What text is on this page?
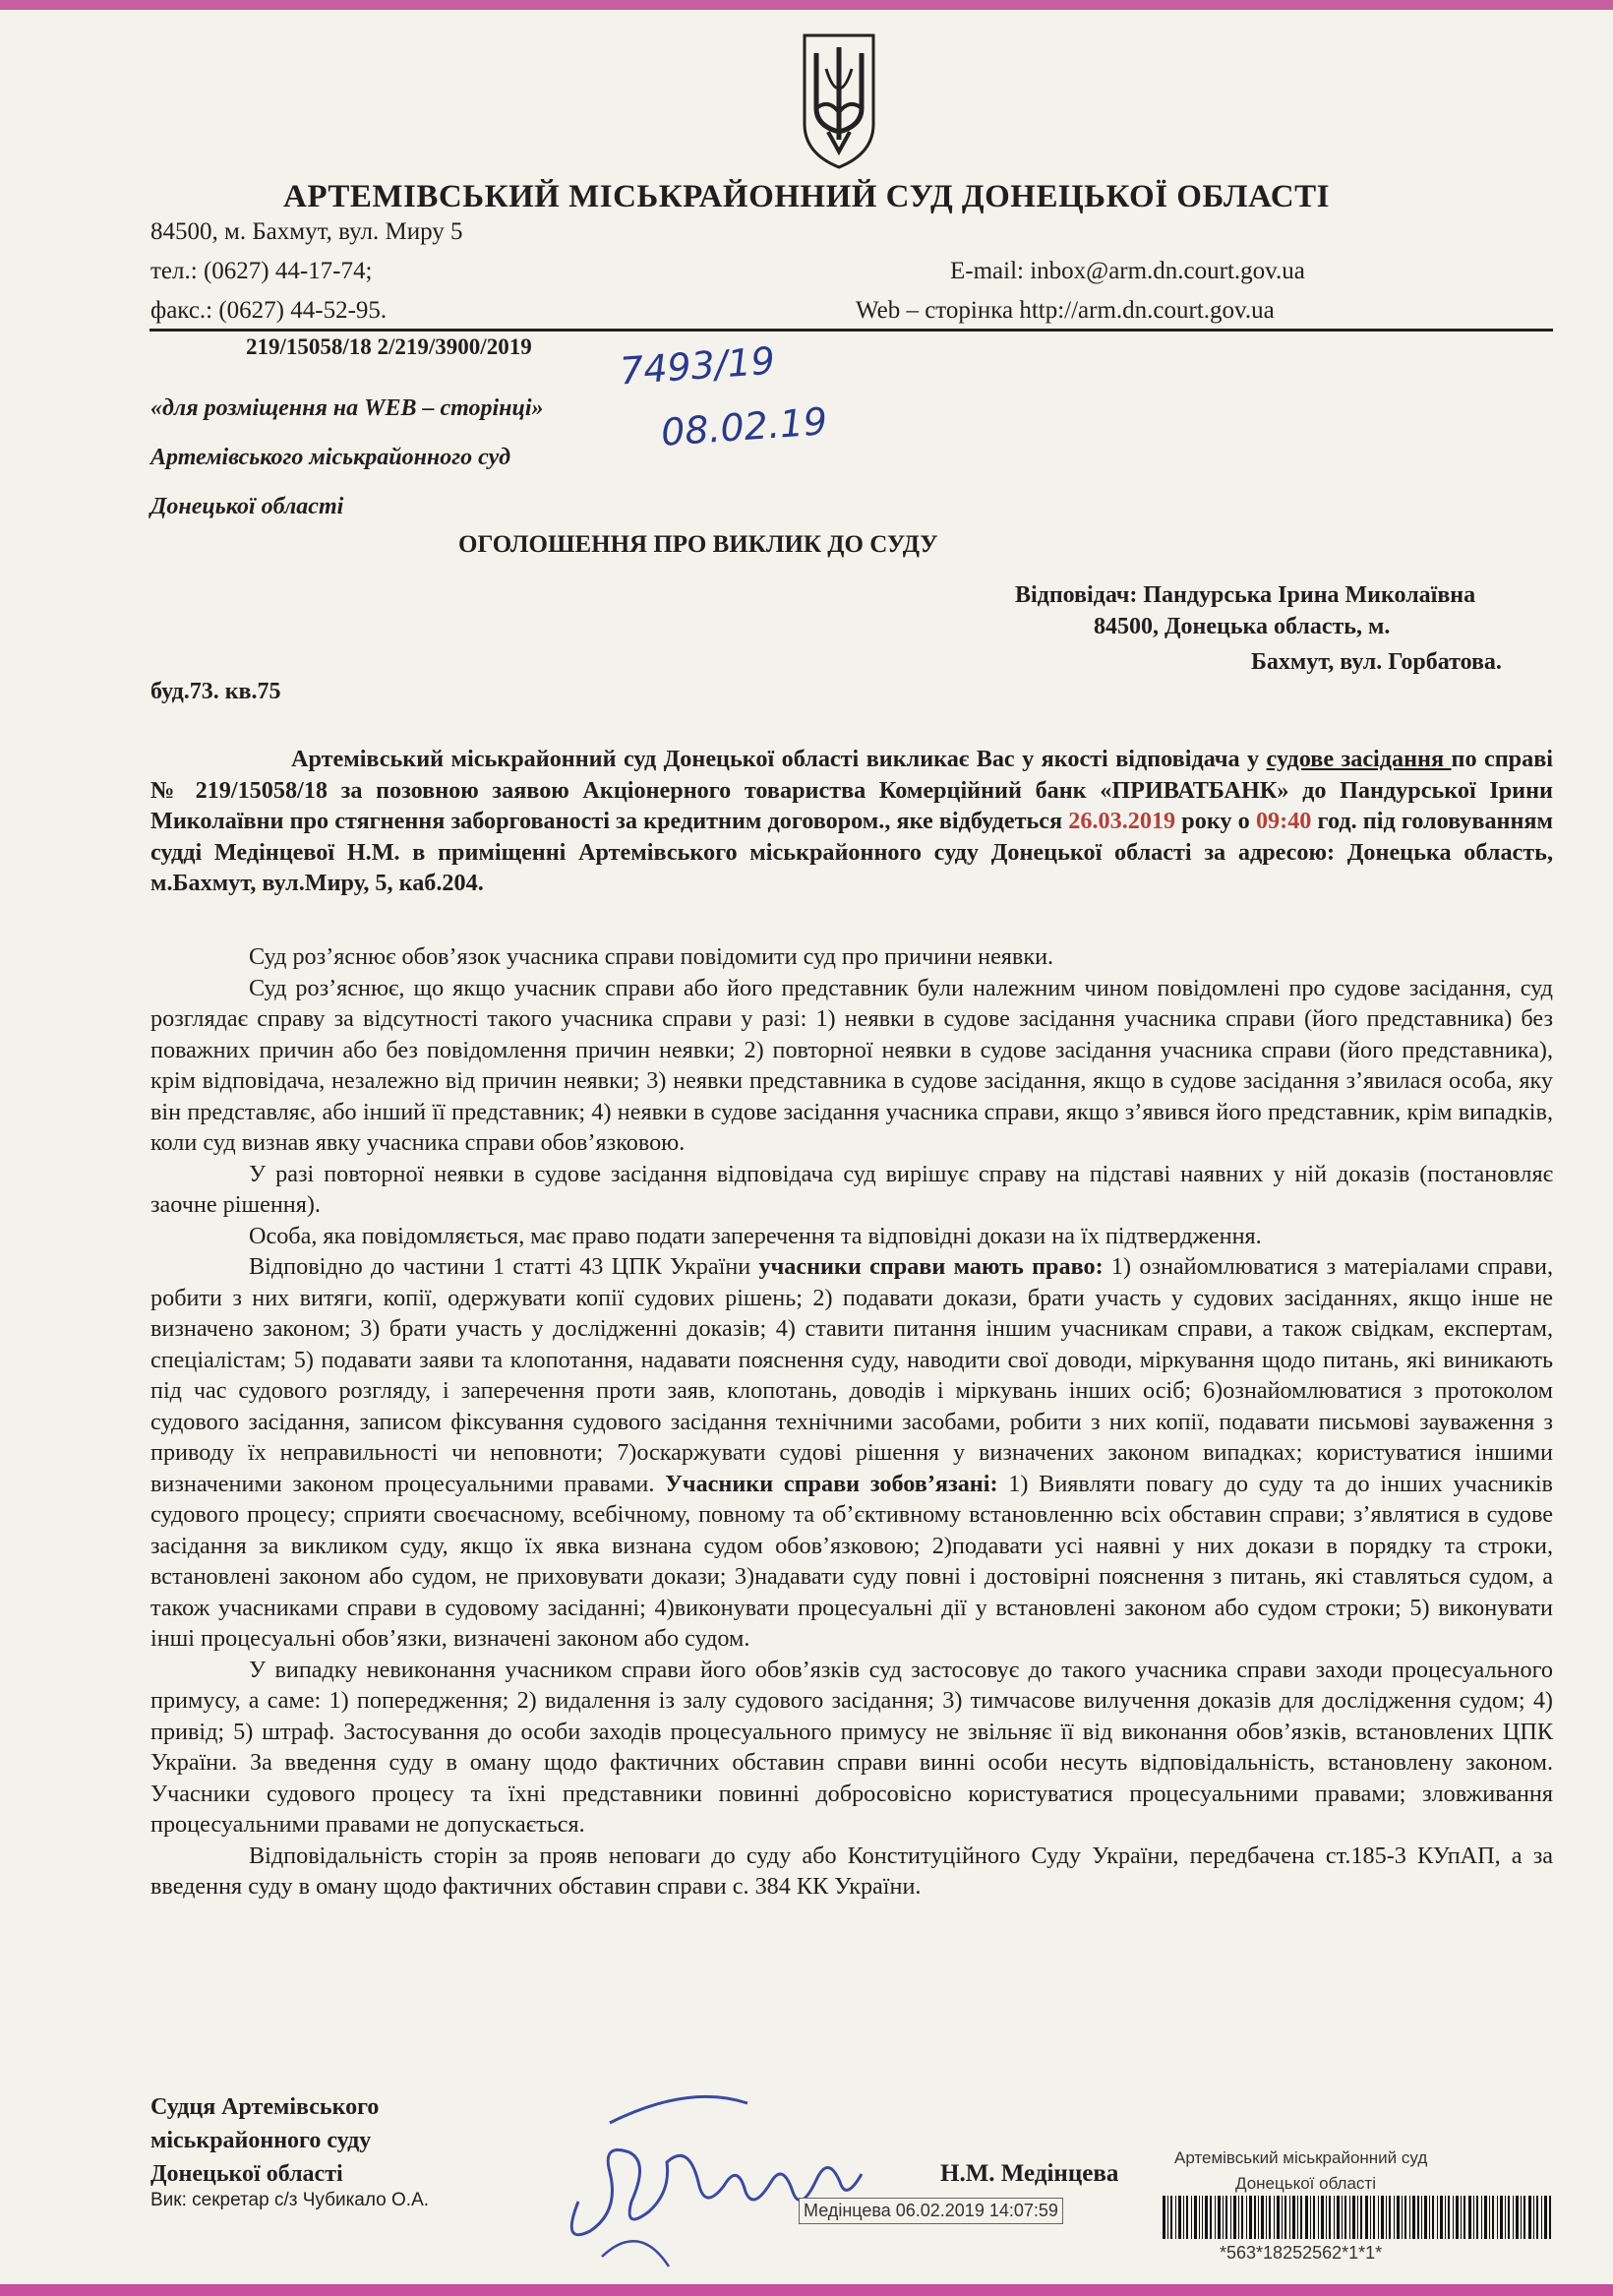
АРТЕМІВСЬКИЙ МІСЬКРАЙОННИЙ СУД ДОНЕЦЬКОЇ ОБЛАСТІ
84500, м. Бахмут, вул. Миру 5
тел.: (0627) 44-17-74;
факс.: (0627) 44-52-95.
E-mail: inbox@arm.dn.court.gov.ua
Web – сторінка http://arm.dn.court.gov.ua
219/15058/18 2/219/3900/2019 7493/19
08.02.19
«для розміщення на WEB – сторінці»
Артемівського міськрайонного суд
Донецької області
ОГОЛОШЕННЯ ПРО ВИКЛИК ДО СУДУ
Відповідач: Пандурська Ірина Миколаївна
84500, Донецька область, м.
Бахмут, вул. Горбатова.
буд.73. кв.75

Артемівський міськрайонний суд Донецької області викликає Вас у якості відповідача у судове засідання по справі № 219/15058/18 за позовною заявою Акціонерного товариства Комерційний банк «ПРИВАТБАНК» до Пандурської Ірини Миколаївни про стягнення заборгованості за кредитним договором., яке відбудеться 26.03.2019 року о 09:40 год. під головуванням судді Медінцевої Н.М. в приміщенні Артемівського міськрайонного суду Донецької області за адресою: Донецька область, м.Бахмут, вул.Миру, 5, каб.204.

Суд роз’яснює обов’язок учасника справи повідомити суд про причини неявки.

Суд роз’яснює, що якщо учасник справи або його представник були належним чином повідомлені про судове засідання, суд розглядає справу за відсутності такого учасника справи у разі: 1) неявки в судове засідання учасника справи (його представника) без поважних причин або без повідомлення причин неявки; 2) повторної неявки в судове засідання учасника справи (його представника), крім відповідача, незалежно від причин неявки; 3) неявки представника в судове засідання, якщо в судове засідання з’явилася особа, яку він представляє, або інший її представник; 4) неявки в судове засідання учасника справи, якщо з’явився його представник, крім випадків, коли суд визнав явку учасника справи обов’язковою.

У разі повторної неявки в судове засідання відповідача суд вирішує справу на підставі наявних у ній доказів (постановляє заочне рішення).

Особа, яка повідомляється, має право подати заперечення та відповідні докази на їх підтвердження.

Відповідно до частини 1 статті 43 ЦПК України учасники справи мають право: 1) ознайомлюватися з матеріалами справи, робити з них витяги, копії, одержувати копії судових рішень; 2) подавати докази, брати участь у судових засіданнях, якщо інше не визначено законом; 3) брати участь у дослідженні доказів; 4) ставити питання іншим учасникам справи, а також свідкам, експертам, спеціалістам; 5) подавати заяви та клопотання, надавати пояснення суду, наводити свої доводи, міркування щодо питань, які виникають під час судового розгляду, і заперечення проти заяв, клопотань, доводів і міркувань інших осіб; 6)ознайомлюватися з протоколом судового засідання, записом фіксування судового засідання технічними засобами, робити з них копії, подавати письмові зауваження з приводу їх неправильності чи неповноти; 7)оскаржувати судові рішення у визначених законом випадках; користуватися іншими визначеними законом процесуальними правами. Учасники справи зобов’язані: 1) Виявляти повагу до суду та до інших учасників судового процесу; сприяти своєчасному, всебічному, повному та об’єктивному встановленню всіх обставин справи; з’являтися в судове засідання за викликом суду, якщо їх явка визнана судом обов’язковою; 2)подавати усі наявні у них докази в порядку та строки, встановлені законом або судом, не приховувати докази; 3)надавати суду повні і достовірні пояснення з питань, які ставляться судом, а також учасниками справи в судовому засіданні; 4)виконувати процесуальні дії у встановлені законом або судом строки; 5) виконувати інші процесуальні обов’язки, визначені законом або судом.

У випадку невиконання учасником справи його обов’язків суд застосовує до такого учасника справи заходи процесуального примусу, а саме: 1) попередження; 2) видалення із залу судового засідання; 3) тимчасове вилучення доказів для дослідження судом; 4) привід; 5) штраф. Застосування до особи заходів процесуального примусу не звільняє її від виконання обов’язків, встановлених ЦПК України. За введення суду в оману щодо фактичних обставин справи винні особи несуть відповідальність, встановлену законом. Учасники судового процесу та їхні представники повинні добросовісно користуватися процесуальними правами; зловживання процесуальними правами не допускається.

Відповідальність сторін за прояв неповаги до суду або Конституційного Суду України, передбачена ст.185-3 КУпАП, а за введення суду в оману щодо фактичних обставин справи с. 384 КК України.

Судця Артемівського
міськрайонного суду
Донецької області
Вик: секретар с/з Чубикало О.А.
Н.М. Медінцева
Медінцева 06.02.2019 14:07:59
Артемівський міськрайонний суд
Донецької області
*563*18252562*1*1*
